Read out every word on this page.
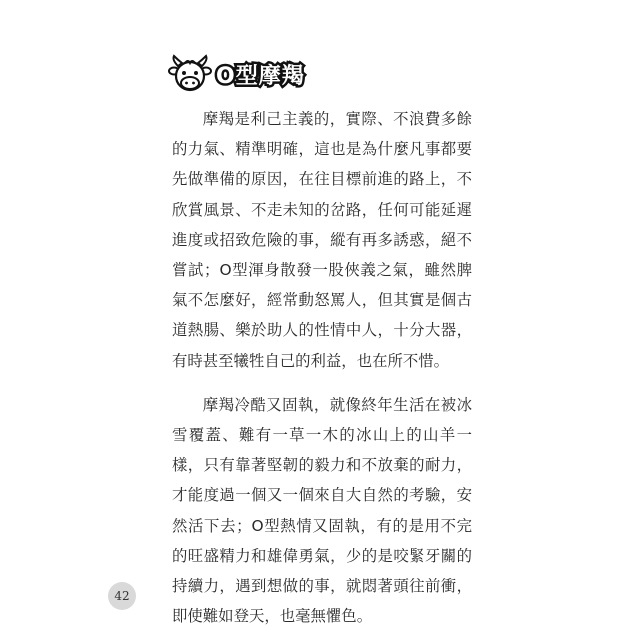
O型摩羯

摩羯是利己主義的，實際、不浪費多餘的力氣、精準明確，這也是為什麼凡事都要先做準備的原因，在往目標前進的路上，不欣賞風景、不走未知的岔路，任何可能延遲進度或招致危險的事，縱有再多誘惑，絕不嘗試；O型渾身散發一股俠義之氣，雖然脾氣不怎麼好，經常動怒罵人，但其實是個古道熱腸、樂於助人的性情中人，十分大器，有時甚至犧牲自己的利益，也在所不惜。

摩羯冷酷又固執，就像終年生活在被冰雪覆蓋、難有一草一木的冰山上的山羊一樣，只有靠著堅韌的毅力和不放棄的耐力，才能度過一個又一個來自大自然的考驗，安然活下去；O型熱情又固執，有的是用不完的旺盛精力和雄偉勇氣，少的是咬緊牙關的持續力，遇到想做的事，就悶著頭往前衝，即使難如登天，也毫無懼色。

42
